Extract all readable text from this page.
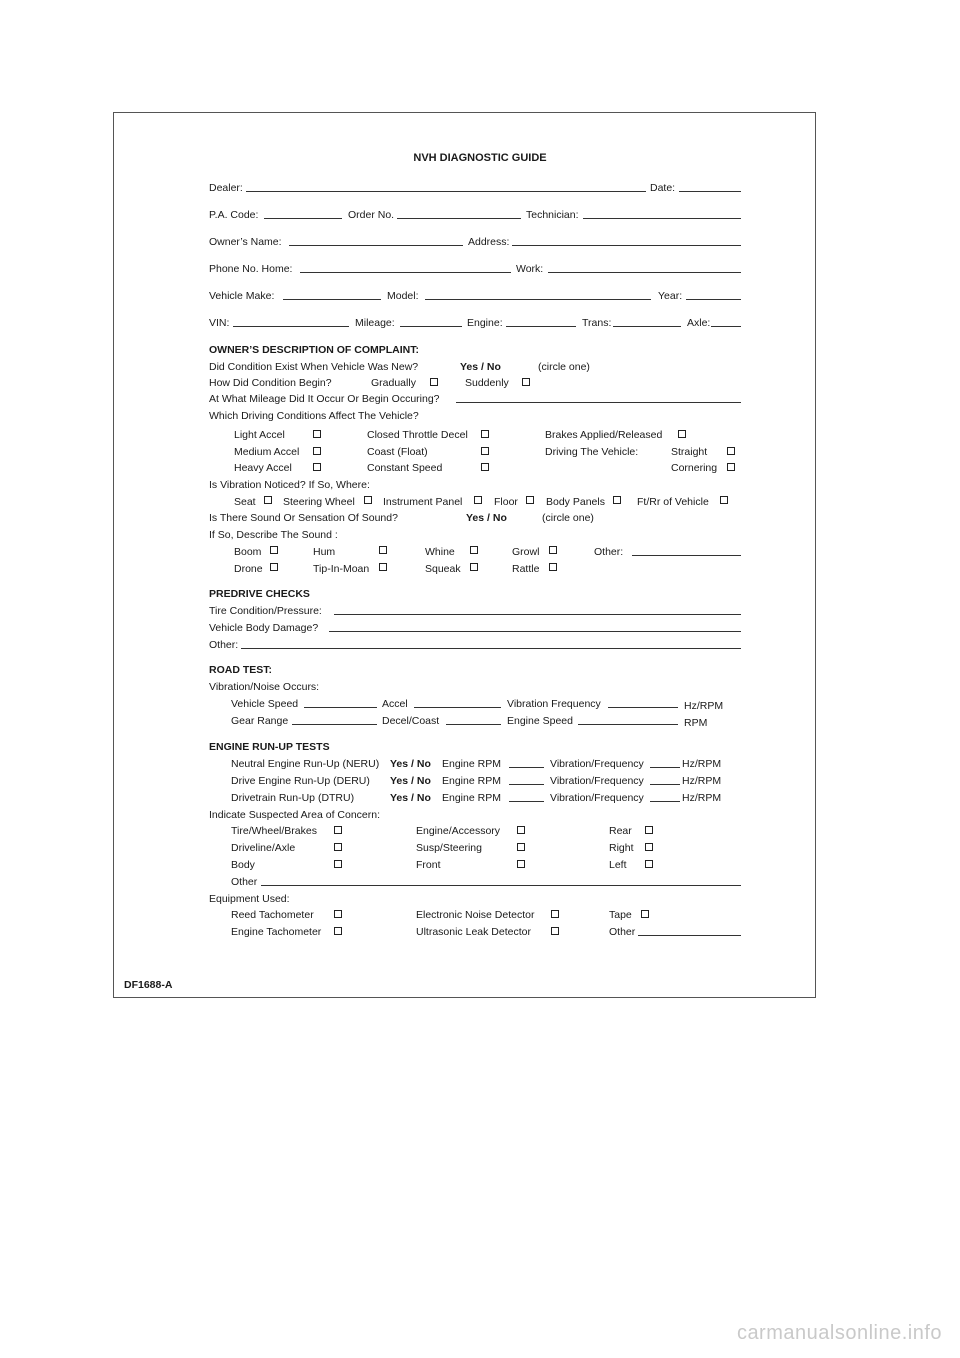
NVH DIAGNOSTIC GUIDE
Dealer:	Date:
P.A. Code:	Order No.	Technician:
Owner’s Name:	Address:
Phone No. Home:	Work:
Vehicle Make:	Model:	Year:
VIN:	Mileage:	Engine:	Trans:	Axle:
OWNER’S DESCRIPTION OF COMPLAINT:
Did Condition Exist When Vehicle Was New?	Yes / No	(circle one)
How Did Condition Begin?	Gradually	Suddenly
At What Mileage Did It Occur Or Begin Occuring?
Which Driving Conditions Affect The Vehicle?
Light Accel	Closed Throttle Decel	Brakes Applied/Released
Medium Accel	Coast (Float)	Driving The Vehicle:	Straight
Heavy Accel	Constant Speed	Cornering
Is Vibration Noticed? If So, Where:
Seat	Steering Wheel	Instrument Panel	Floor	Body Panels	Ft/Rr of Vehicle
Is There Sound Or Sensation Of Sound?	Yes / No	(circle one)
If So, Describe The Sound :
Boom	Hum	Whine	Growl	Other:
Drone	Tip-In-Moan	Squeak	Rattle
PREDRIVE CHECKS
Tire Condition/Pressure:
Vehicle Body Damage?
Other:
ROAD TEST:
Vibration/Noise Occurs:
Vehicle Speed	Accel	Vibration Frequency	Hz/RPM
Gear Range	Decel/Coast	Engine Speed	RPM
ENGINE RUN-UP TESTS
Neutral Engine Run-Up (NERU) Yes / No Engine RPM	Vibration/Frequency	Hz/RPM
Drive Engine Run-Up (DERU) Yes / No Engine RPM	Vibration/Frequency	Hz/RPM
Drivetrain Run-Up (DTRU)	Yes / No Engine RPM	Vibration/Frequency	Hz/RPM
Indicate Suspected Area of Concern:
Tire/Wheel/Brakes	Engine/Accessory	Rear
Driveline/Axle	Susp/Steering	Right
Body	Front	Left
Other
Equipment Used:
Reed Tachometer	Electronic Noise Detector	Tape
Engine Tachometer	Ultrasonic Leak Detector	Other
DF1688-A
carmanualsonline.info
